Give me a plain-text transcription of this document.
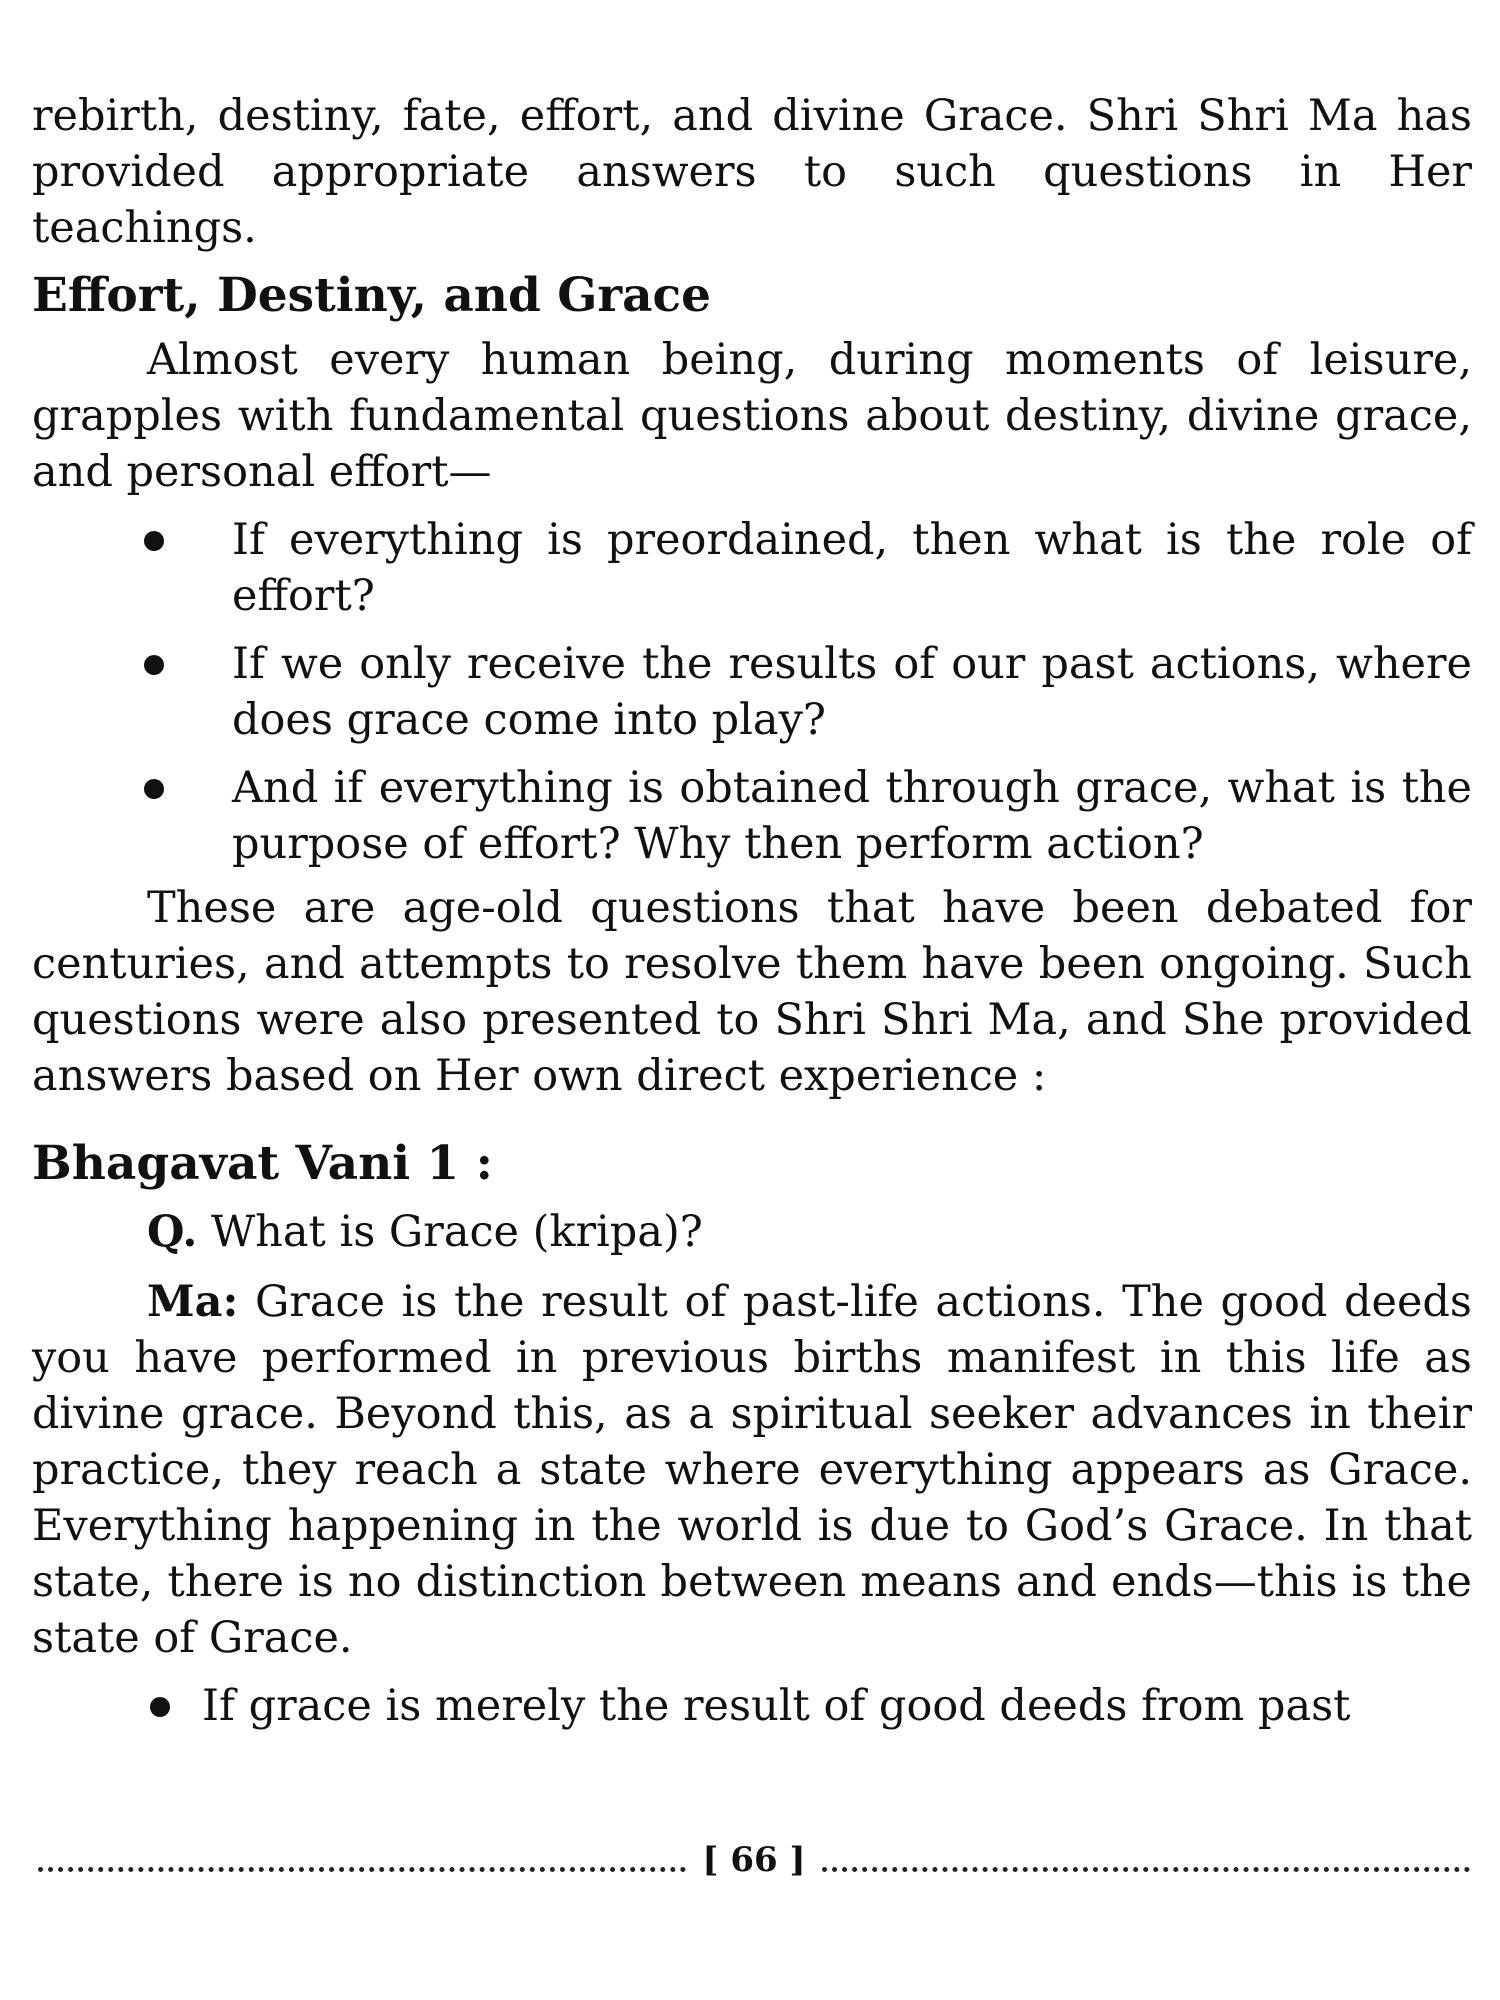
rebirth, destiny, fate, effort, and divine Grace. Shri Shri Ma has provided appropriate answers to such questions in Her teachings.

Effort, Destiny, and Grace

Almost every human being, during moments of leisure, grapples with fundamental questions about destiny, divine grace, and personal effort—

If everything is preordained, then what is the role of effort?
If we only receive the results of our past actions, where does grace come into play?
And if everything is obtained through grace, what is the purpose of effort? Why then perform action?

These are age-old questions that have been debated for centuries, and attempts to resolve them have been ongoing. Such questions were also presented to Shri Shri Ma, and She provided answers based on Her own direct experience :

Bhagavat Vani 1 :

Q. What is Grace (kripa)?

Ma: Grace is the result of past-life actions. The good deeds you have performed in previous births manifest in this life as divine grace. Beyond this, as a spiritual seeker advances in their practice, they reach a state where everything appears as Grace. Everything happening in the world is due to God’s Grace. In that state, there is no distinction between means and ends—this is the state of Grace.

If grace is merely the result of good deeds from past
[ 66 ]
